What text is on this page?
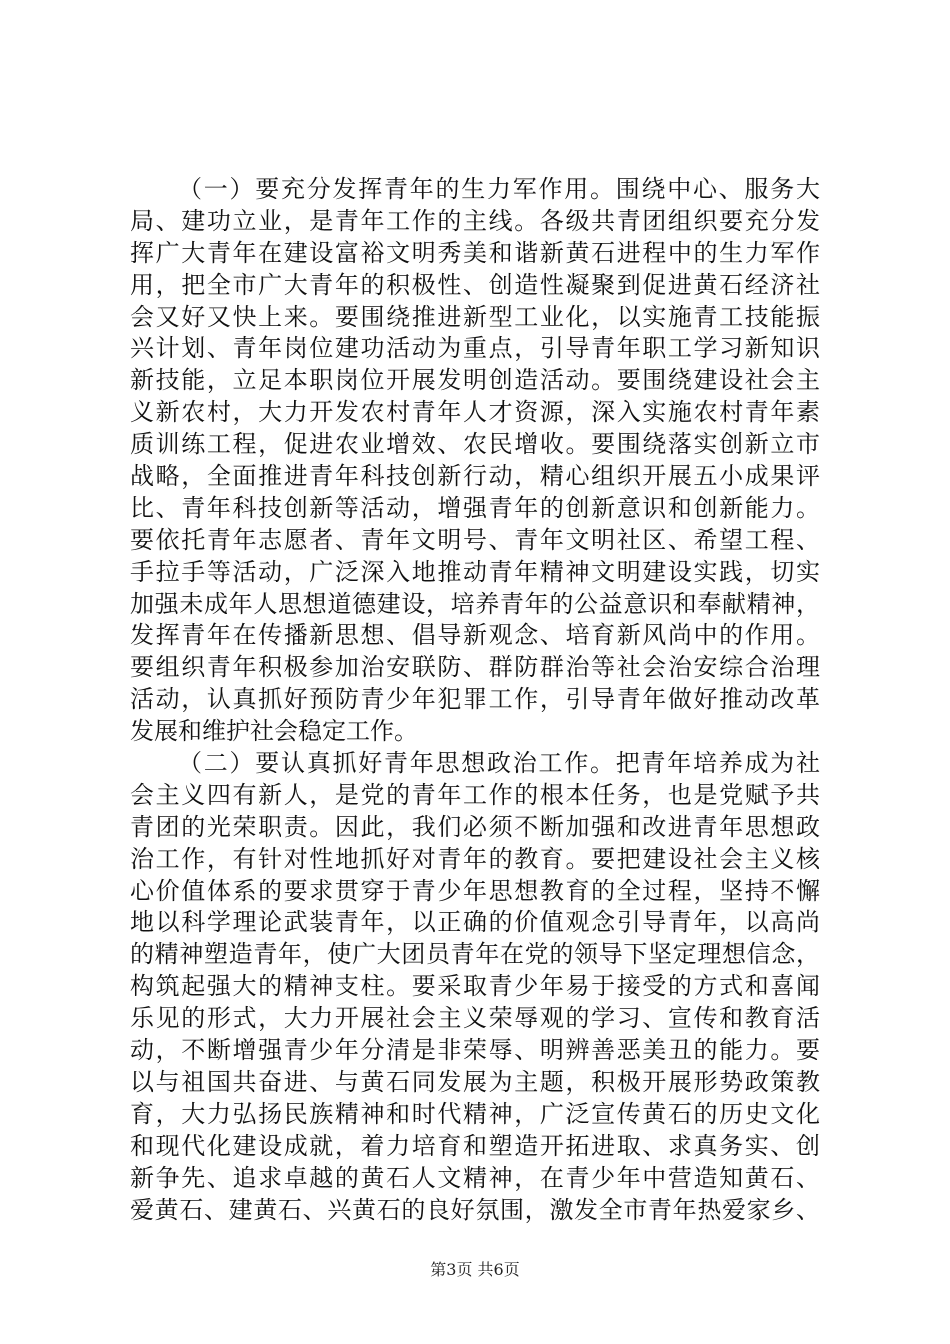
（一）要充分发挥青年的生力军作用。围绕中心、服务大
局、建功立业，是青年工作的主线。各级共青团组织要充分发
挥广大青年在建设富裕文明秀美和谐新黄石进程中的生力军作
用，把全市广大青年的积极性、创造性凝聚到促进黄石经济社
会又好又快上来。要围绕推进新型工业化，以实施青工技能振
兴计划、青年岗位建功活动为重点，引导青年职工学习新知识
新技能，立足本职岗位开展发明创造活动。要围绕建设社会主
义新农村，大力开发农村青年人才资源，深入实施农村青年素
质训练工程，促进农业增效、农民增收。要围绕落实创新立市
战略，全面推进青年科技创新行动，精心组织开展五小成果评
比、青年科技创新等活动，增强青年的创新意识和创新能力。
要依托青年志愿者、青年文明号、青年文明社区、希望工程、
手拉手等活动，广泛深入地推动青年精神文明建设实践，切实
加强未成年人思想道德建设，培养青年的公益意识和奉献精神，
发挥青年在传播新思想、倡导新观念、培育新风尚中的作用。
要组织青年积极参加治安联防、群防群治等社会治安综合治理
活动，认真抓好预防青少年犯罪工作，引导青年做好推动改革
发展和维护社会稳定工作。
（二）要认真抓好青年思想政治工作。把青年培养成为社
会主义四有新人，是党的青年工作的根本任务，也是党赋予共
青团的光荣职责。因此，我们必须不断加强和改进青年思想政
治工作，有针对性地抓好对青年的教育。要把建设社会主义核
心价值体系的要求贯穿于青少年思想教育的全过程，坚持不懈
地以科学理论武装青年，以正确的价值观念引导青年，以高尚
的精神塑造青年，使广大团员青年在党的领导下坚定理想信念，
构筑起强大的精神支柱。要采取青少年易于接受的方式和喜闻
乐见的形式，大力开展社会主义荣辱观的学习、宣传和教育活
动，不断增强青少年分清是非荣辱、明辨善恶美丑的能力。要
以与祖国共奋进、与黄石同发展为主题，积极开展形势政策教
育，大力弘扬民族精神和时代精神，广泛宣传黄石的历史文化
和现代化建设成就，着力培育和塑造开拓进取、求真务实、创
新争先、追求卓越的黄石人文精神，在青少年中营造知黄石、
爱黄石、建黄石、兴黄石的良好氛围，激发全市青年热爱家乡、
第3页 共6页
